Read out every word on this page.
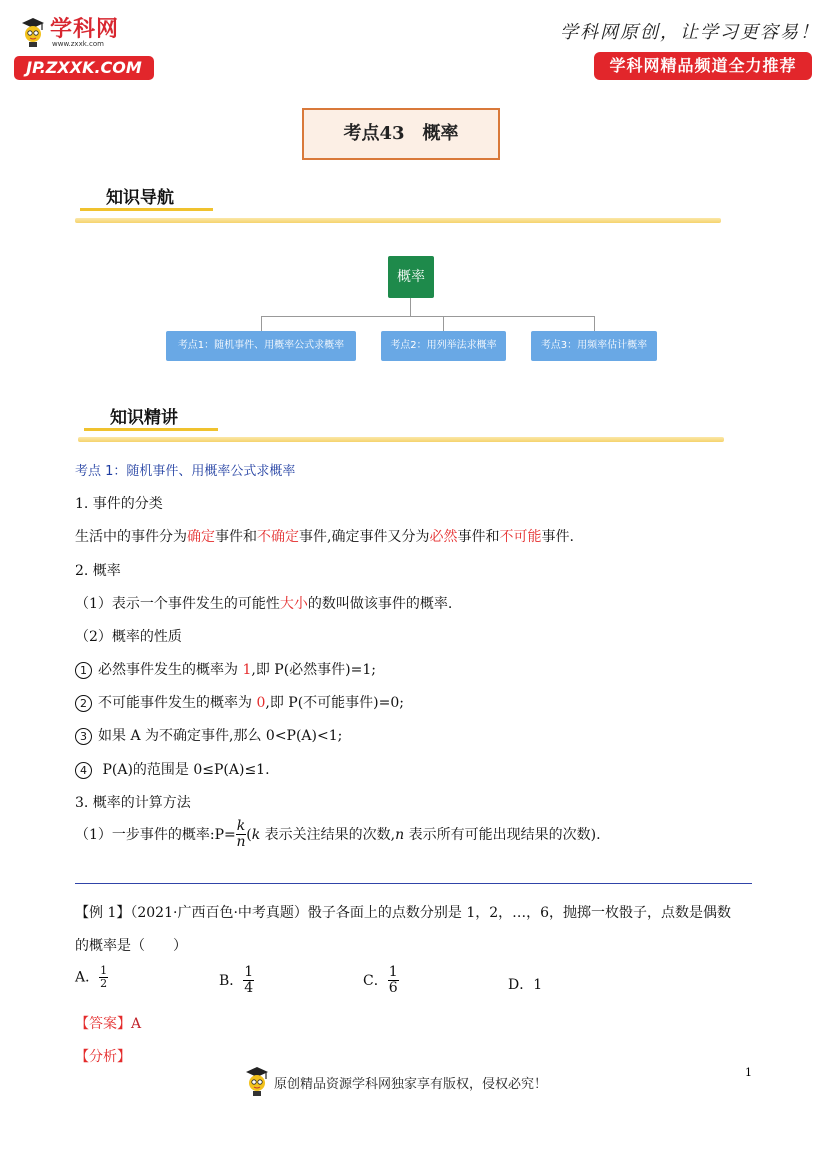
学科网
www.zxxk.com
JP.ZXXK.COM
学科网原创，让学习更容易！
学科网精品频道全力推荐
考点43　概率
知识导航
概率
考点1：随机事件、用概率公式求概率	考点2：用列举法求概率	考点3：用频率估计概率
知识精讲
考点 1：随机事件、用概率公式求概率
1. 事件的分类
生活中的事件分为确定事件和不确定事件,确定事件又分为必然事件和不可能事件.
2. 概率
（1）表示一个事件发生的可能性大小的数叫做该事件的概率.
（2）概率的性质
1 必然事件发生的概率为 1,即 P(必然事件)=1;
2 不可能事件发生的概率为 0,即 P(不可能事件)=0;
3 如果 A 为不确定事件,那么 0<P(A)<1;
4 P(A)的范围是 0≤P(A)≤1.
3. 概率的计算方法
（1）一步事件的概率:P= $\frac{k}{n} (k$ 表示关注结果的次数,n 表示所有可能出现结果的次数).
【例 1】（2021·广西百色·中考真题）骰子各面上的点数分别是 1，2，…，6，抛掷一枚骰子，点数是偶数
的概率是（　　）
A． $\frac{1}{2}$	B． $\frac{1}{4}$	C． $\frac{1}{6}$	D．1
【答案】A
【分析】
原创精品资源学科网独家享有版权，侵权必究！
1
